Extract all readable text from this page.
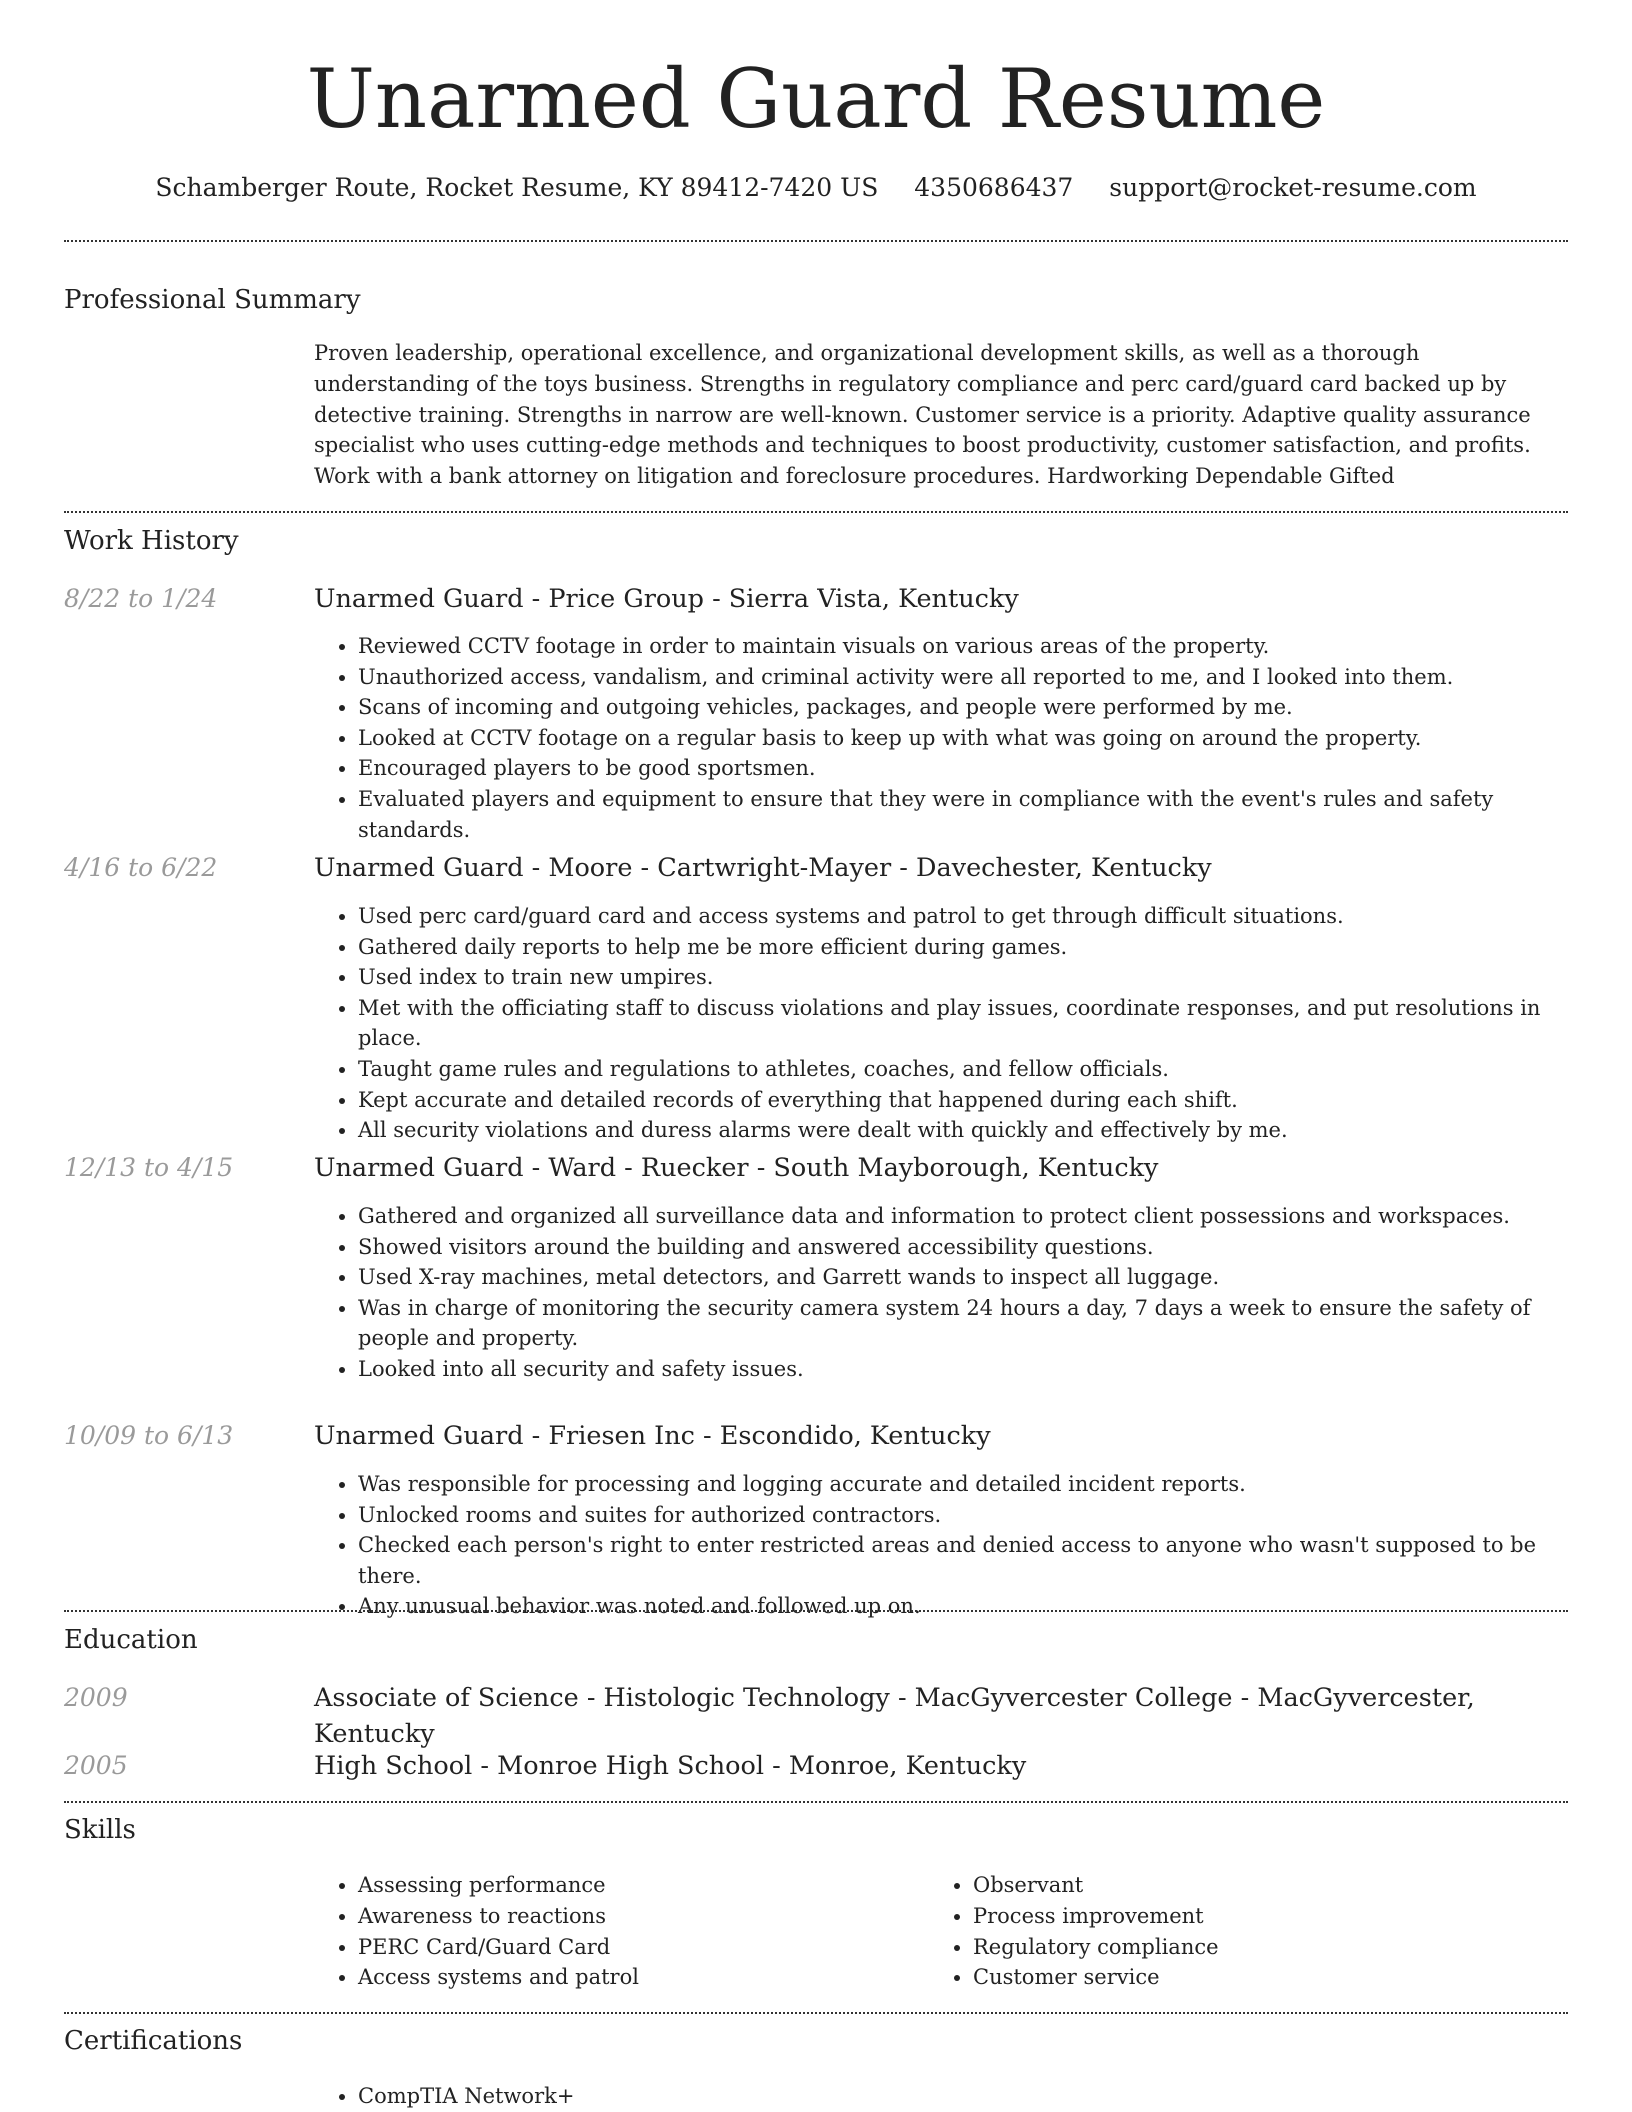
Unarmed Guard Resume
Schamberger Route, Rocket Resume, KY 89412-7420 US 4350686437 support@rocket-resume.com
Professional Summary
Proven leadership, operational excellence, and organizational development skills, as well as a thorough understanding of the toys business. Strengths in regulatory compliance and perc card/guard card backed up by detective training. Strengths in narrow are well-known. Customer service is a priority. Adaptive quality assurance specialist who uses cutting-edge methods and techniques to boost productivity, customer satisfaction, and profits. Work with a bank attorney on litigation and foreclosure procedures. Hardworking Dependable Gifted
Work History
8/22 to 1/24	Unarmed Guard - Price Group - Sierra Vista, Kentucky
• Reviewed CCTV footage in order to maintain visuals on various areas of the property.
• Unauthorized access, vandalism, and criminal activity were all reported to me, and I looked into them.
• Scans of incoming and outgoing vehicles, packages, and people were performed by me.
• Looked at CCTV footage on a regular basis to keep up with what was going on around the property.
• Encouraged players to be good sportsmen.
• Evaluated players and equipment to ensure that they were in compliance with the event's rules and safety standards.
4/16 to 6/22	Unarmed Guard - Moore - Cartwright-Mayer - Davechester, Kentucky
• Used perc card/guard card and access systems and patrol to get through difficult situations.
• Gathered daily reports to help me be more efficient during games.
• Used index to train new umpires.
• Met with the officiating staff to discuss violations and play issues, coordinate responses, and put resolutions in place.
• Taught game rules and regulations to athletes, coaches, and fellow officials.
• Kept accurate and detailed records of everything that happened during each shift.
• All security violations and duress alarms were dealt with quickly and effectively by me.
12/13 to 4/15	Unarmed Guard - Ward - Ruecker - South Mayborough, Kentucky
• Gathered and organized all surveillance data and information to protect client possessions and workspaces.
• Showed visitors around the building and answered accessibility questions.
• Used X-ray machines, metal detectors, and Garrett wands to inspect all luggage.
• Was in charge of monitoring the security camera system 24 hours a day, 7 days a week to ensure the safety of people and property.
• Looked into all security and safety issues.
10/09 to 6/13	Unarmed Guard - Friesen Inc - Escondido, Kentucky
• Was responsible for processing and logging accurate and detailed incident reports.
• Unlocked rooms and suites for authorized contractors.
• Checked each person's right to enter restricted areas and denied access to anyone who wasn't supposed to be there.
• Any unusual behavior was noted and followed up on.
Education
2009	Associate of Science - Histologic Technology - MacGyvercester College - MacGyvercester, Kentucky
2005	High School - Monroe High School - Monroe, Kentucky
Skills
• Assessing performance
• Awareness to reactions
• PERC Card/Guard Card
• Access systems and patrol
• Observant
• Process improvement
• Regulatory compliance
• Customer service
Certifications
• CompTIA Network+
